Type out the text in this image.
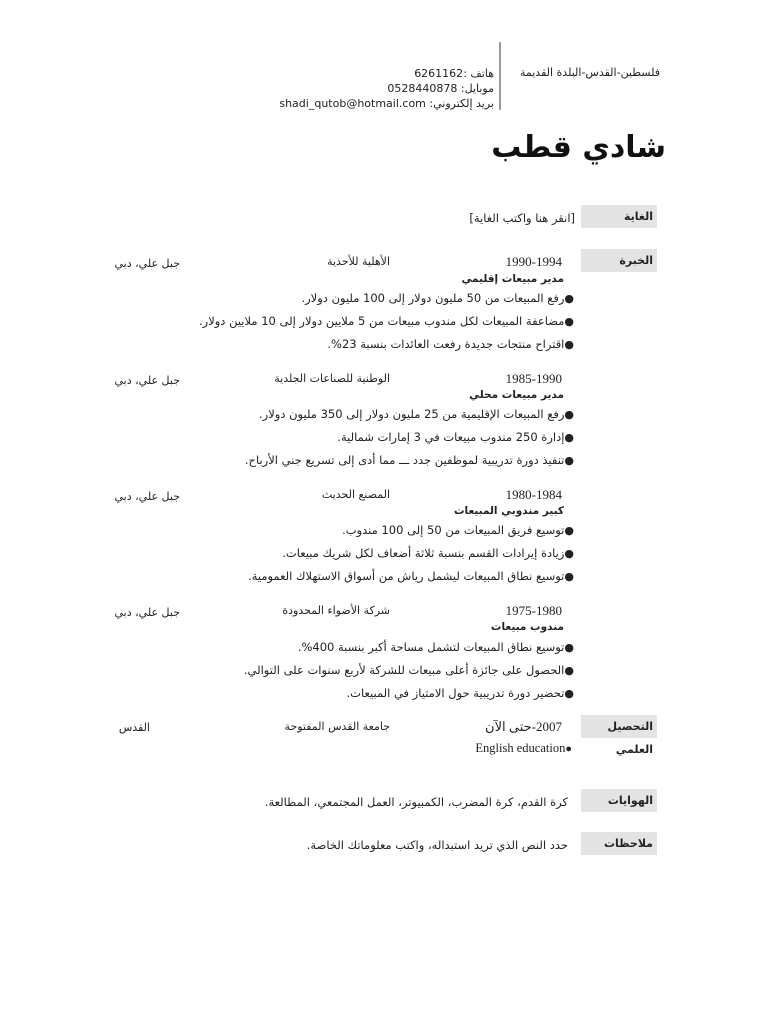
فلسطين-القدس-البلدة القديمة
هاتف :6261162
موبايل: 0528440878
بريد إلكتروني: shadi_qutob@hotmail.com
شادي قطب
الغاية
[انقر هنا واكتب الغاية]
الخبرة
1990-1994
الأهلية للأحذية
جبل علي، دبي
مدير مبيعات إقليمي
●رفع المبيعات من 50 مليون دولار إلى 100 مليون دولار.
●مضاعفة المبيعات لكل مندوب مبيعات من 5 ملايين دولار إلى 10 ملايين دولار.
●اقتراح منتجات جديدة رفعت العائدات بنسبة 23%.
1985-1990
الوطنية للصناعات الجلدية
جبل علي، دبي
مدير مبيعات محلي
●رفع المبيعات الإقليمية من 25 مليون دولار إلى 350 مليون دولار.
●إدارة 250 مندوب مبيعات في 3 إمارات شمالية.
●تنفيذ دورة تدريبية لموظفين جدد ـــ مما أدى إلى تسريع جني الأرباح.
1980-1984
المصنع الحديث
جبل علي، دبي
كبير مندوبي المبيعات
●توسيع فريق المبيعات من 50 إلى 100 مندوب.
●زيادة إيرادات القسم بنسبة ثلاثة أضعاف لكل شريك مبيعات.
●توسيع نطاق المبيعات ليشمل رياش من أسواق الاستهلاك العمومية.
1975-1980
شركة الأضواء المحدودة
جبل علي، دبي
مندوب مبيعات
●توسيع نطاق المبيعات لتشمل مساحة أكبر بنسبة 400%.
●الحصول على جائزة أعلى مبيعات للشركة لأربع سنوات على التوالي.
●تحضير دورة تدريبية حول الامتياز في المبيعات.
التحصيل العلمي
2007-حتى الآن
جامعة القدس المفتوحة
القدس
English education●
الهوايات
كرة القدم، كرة المضرب، الكمبيوتر، العمل المجتمعي، المطالعة.
ملاحظات
حدد النص الذي تريد استبداله، واكتب معلوماتك الخاصة.
